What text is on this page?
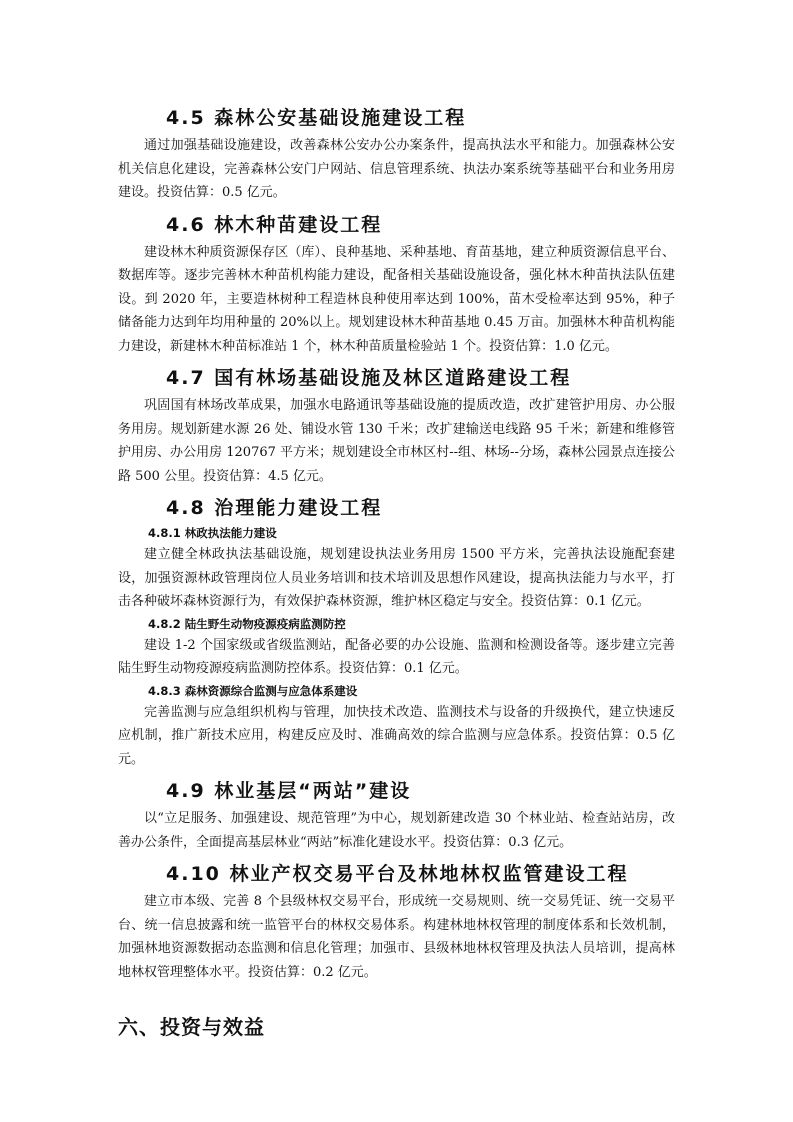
4.5 森林公安基础设施建设工程

通过加强基础设施建设，改善森林公安办公办案条件，提高执法水平和能力。加强森林公安机关信息化建设，完善森林公安门户网站、信息管理系统、执法办案系统等基础平台和业务用房建设。投资估算：0.5 亿元。

4.6 林木种苗建设工程

建设林木种质资源保存区（库）、良种基地、采种基地、育苗基地，建立种质资源信息平台、数据库等。逐步完善林木种苗机构能力建设，配备相关基础设施设备，强化林木种苗执法队伍建设。到 2020 年，主要造林树种工程造林良种使用率达到 100%，苗木受检率达到 95%，种子储备能力达到年均用种量的 20%以上。规划建设林木种苗基地 0.45 万亩。加强林木种苗机构能力建设，新建林木种苗标准站 1 个，林木种苗质量检验站 1 个。投资估算：1.0 亿元。

4.7 国有林场基础设施及林区道路建设工程

巩固国有林场改革成果，加强水电路通讯等基础设施的提质改造，改扩建管护用房、办公服务用房。规划新建水源 26 处、铺设水管 130 千米；改扩建输送电线路 95 千米；新建和维修管护用房、办公用房 120767 平方米；规划建设全市林区村--组、林场--分场，森林公园景点连接公路 500 公里。投资估算：4.5 亿元。

4.8 治理能力建设工程
4.8.1 林政执法能力建设

建立健全林政执法基础设施，规划建设执法业务用房 1500 平方米，完善执法设施配套建设，加强资源林政管理岗位人员业务培训和技术培训及思想作风建设，提高执法能力与水平，打击各种破坏森林资源行为，有效保护森林资源，维护林区稳定与安全。投资估算：0.1 亿元。

4.8.2 陆生野生动物疫源疫病监测防控

建设 1-2 个国家级或省级监测站，配备必要的办公设施、监测和检测设备等。逐步建立完善陆生野生动物疫源疫病监测防控体系。投资估算：0.1 亿元。

4.8.3 森林资源综合监测与应急体系建设

完善监测与应急组织机构与管理，加快技术改造、监测技术与设备的升级换代，建立快速反应机制，推广新技术应用，构建反应及时、准确高效的综合监测与应急体系。投资估算：0.5 亿元。

4.9 林业基层“两站”建设

以“立足服务、加强建设、规范管理”为中心，规划新建改造 30 个林业站、检查站站房，改善办公条件，全面提高基层林业“两站”标准化建设水平。投资估算：0.3 亿元。

4.10 林业产权交易平台及林地林权监管建设工程

建立市本级、完善 8 个县级林权交易平台，形成统一交易规则、统一交易凭证、统一交易平台、统一信息披露和统一监管平台的林权交易体系。构建林地林权管理的制度体系和长效机制，加强林地资源数据动态监测和信息化管理；加强市、县级林地林权管理及执法人员培训，提高林地林权管理整体水平。投资估算：0.2 亿元。

六、投资与效益
